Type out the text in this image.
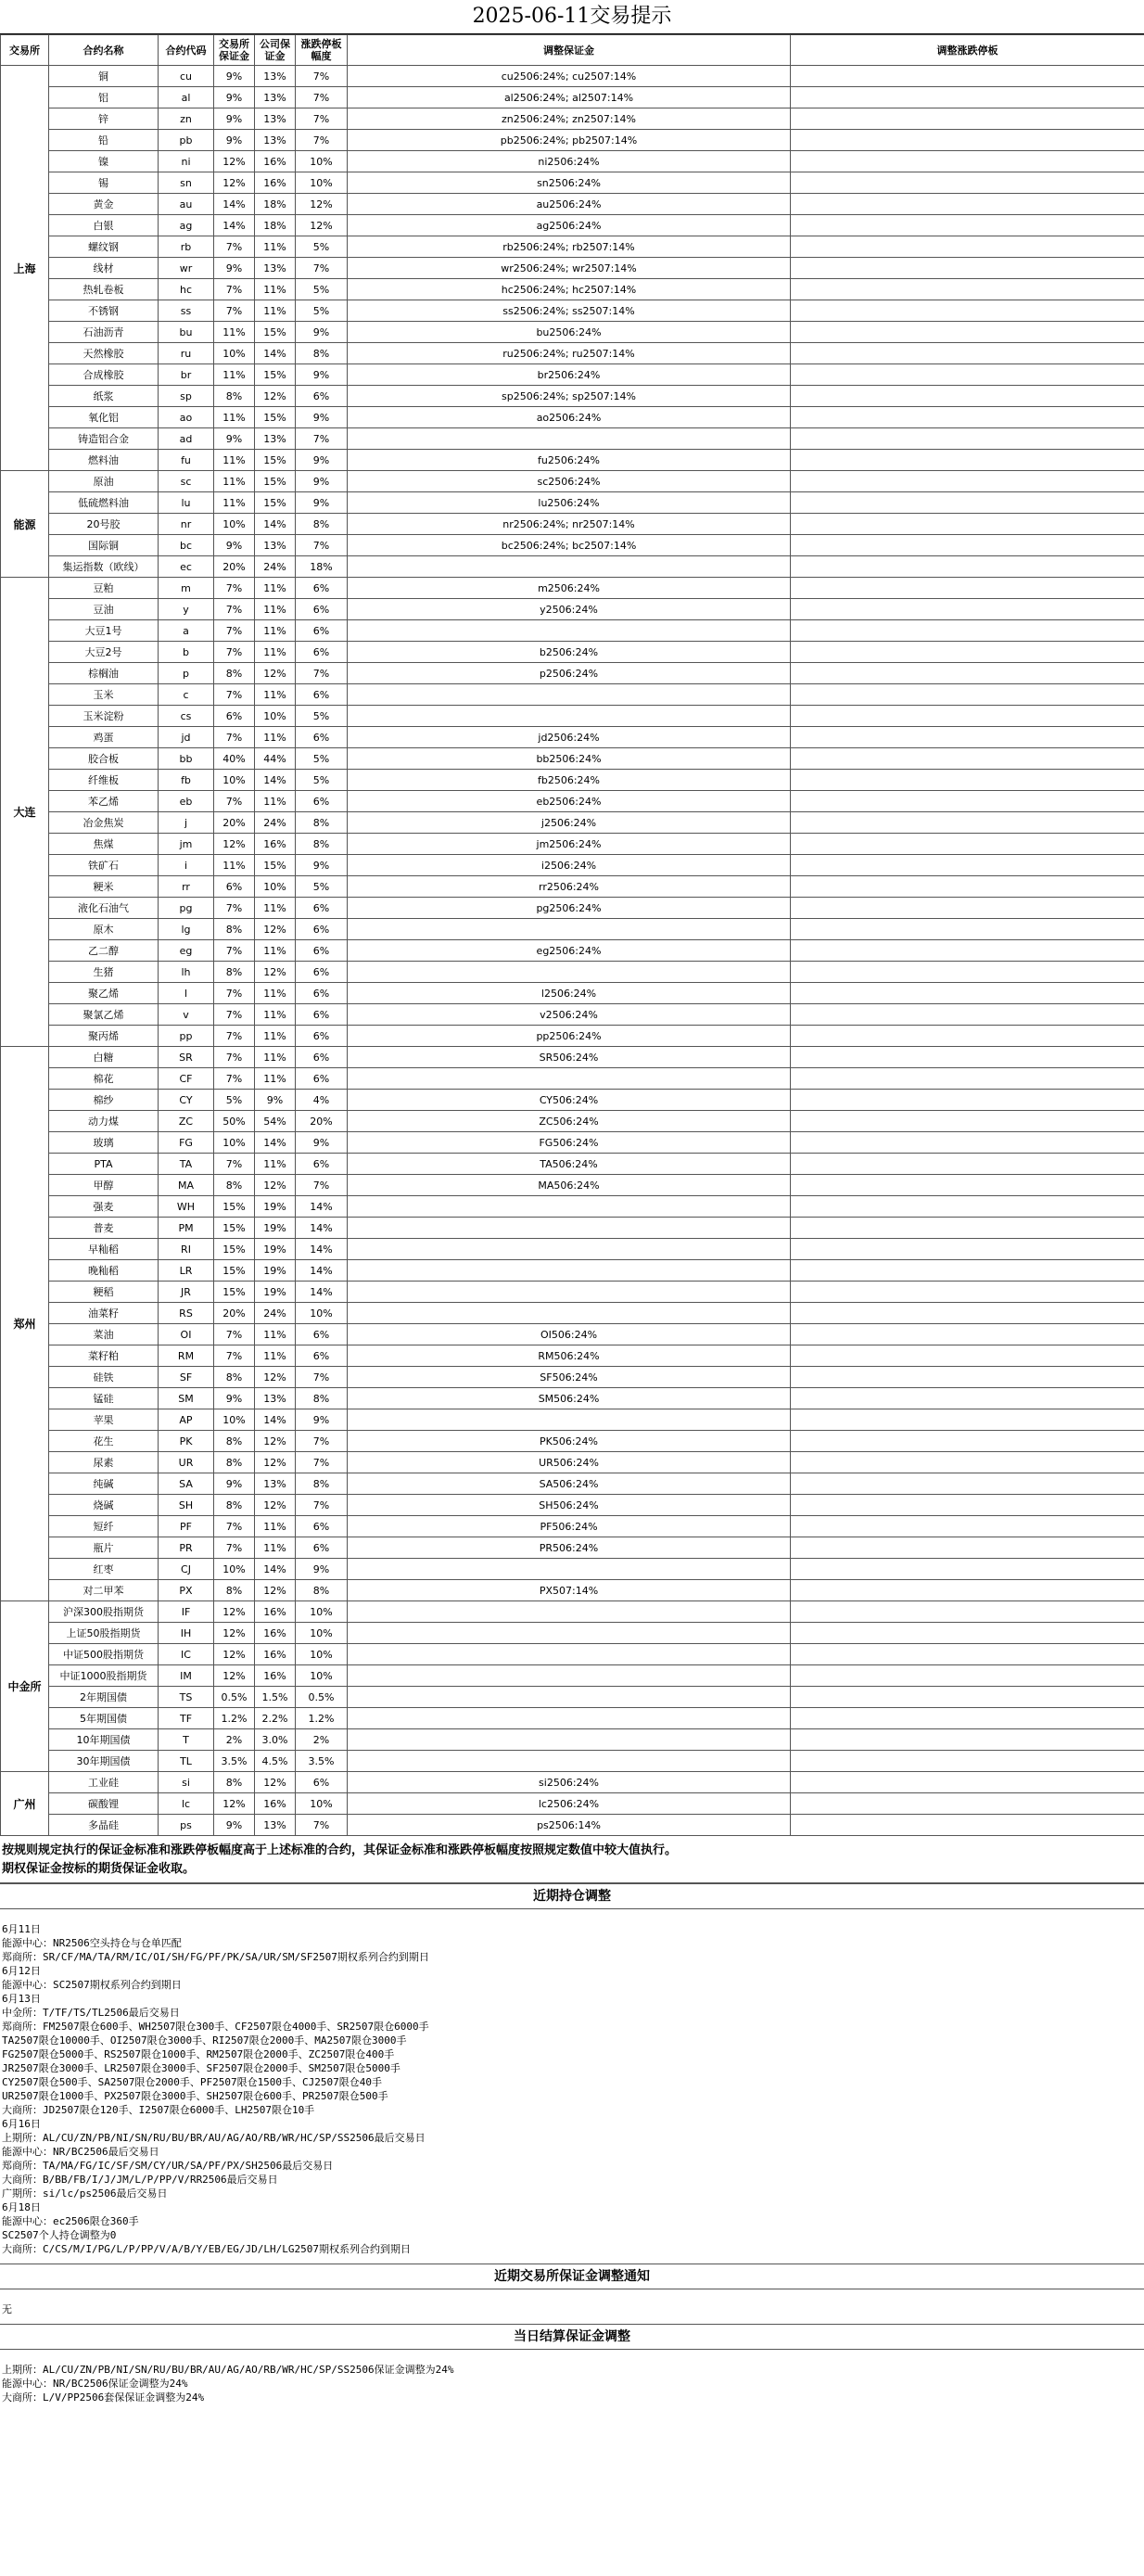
2025-06-11交易提示
交易所	合约名称	合约代码	交易所保证金	公司保证金	涨跌停板幅度	调整保证金	调整涨跌停板
上海	铜	cu	9%	13%	7%	cu2506:24%; cu2507:14%	
	铝	al	9%	13%	7%	al2506:24%; al2507:14%	
	锌	zn	9%	13%	7%	zn2506:24%; zn2507:14%	
	铅	pb	9%	13%	7%	pb2506:24%; pb2507:14%	
	镍	ni	12%	16%	10%	ni2506:24%	
	锡	sn	12%	16%	10%	sn2506:24%	
	黄金	au	14%	18%	12%	au2506:24%	
	白银	ag	14%	18%	12%	ag2506:24%	
	螺纹钢	rb	7%	11%	5%	rb2506:24%; rb2507:14%	
	线材	wr	9%	13%	7%	wr2506:24%; wr2507:14%	
	热轧卷板	hc	7%	11%	5%	hc2506:24%; hc2507:14%	
	不锈钢	ss	7%	11%	5%	ss2506:24%; ss2507:14%	
	石油沥青	bu	11%	15%	9%	bu2506:24%	
	天然橡胶	ru	10%	14%	8%	ru2506:24%; ru2507:14%	
	合成橡胶	br	11%	15%	9%	br2506:24%	
	纸浆	sp	8%	12%	6%	sp2506:24%; sp2507:14%	
	氧化铝	ao	11%	15%	9%	ao2506:24%	
	铸造铝合金	ad	9%	13%	7%		
	燃料油	fu	11%	15%	9%	fu2506:24%	
能源	原油	sc	11%	15%	9%	sc2506:24%	
	低硫燃料油	lu	11%	15%	9%	lu2506:24%	
	20号胶	nr	10%	14%	8%	nr2506:24%; nr2507:14%	
	国际铜	bc	9%	13%	7%	bc2506:24%; bc2507:14%	
	集运指数（欧线）	ec	20%	24%	18%		
大连	豆粕	m	7%	11%	6%	m2506:24%	
	豆油	y	7%	11%	6%	y2506:24%	
	大豆1号	a	7%	11%	6%		
	大豆2号	b	7%	11%	6%	b2506:24%	
	棕榈油	p	8%	12%	7%	p2506:24%	
	玉米	c	7%	11%	6%		
	玉米淀粉	cs	6%	10%	5%		
	鸡蛋	jd	7%	11%	6%	jd2506:24%	
	胶合板	bb	40%	44%	5%	bb2506:24%	
	纤维板	fb	10%	14%	5%	fb2506:24%	
	苯乙烯	eb	7%	11%	6%	eb2506:24%	
	冶金焦炭	j	20%	24%	8%	j2506:24%	
	焦煤	jm	12%	16%	8%	jm2506:24%	
	铁矿石	i	11%	15%	9%	i2506:24%	
	粳米	rr	6%	10%	5%	rr2506:24%	
	液化石油气	pg	7%	11%	6%	pg2506:24%	
	原木	lg	8%	12%	6%		
	乙二醇	eg	7%	11%	6%	eg2506:24%	
	生猪	lh	8%	12%	6%		
	聚乙烯	l	7%	11%	6%	l2506:24%	
	聚氯乙烯	v	7%	11%	6%	v2506:24%	
	聚丙烯	pp	7%	11%	6%	pp2506:24%	
郑州	白糖	SR	7%	11%	6%	SR506:24%	
	棉花	CF	7%	11%	6%		
	棉纱	CY	5%	9%	4%	CY506:24%	
	动力煤	ZC	50%	54%	20%	ZC506:24%	
	玻璃	FG	10%	14%	9%	FG506:24%	
	PTA	TA	7%	11%	6%	TA506:24%	
	甲醇	MA	8%	12%	7%	MA506:24%	
	强麦	WH	15%	19%	14%		
	普麦	PM	15%	19%	14%		
	早籼稻	RI	15%	19%	14%		
	晚籼稻	LR	15%	19%	14%		
	粳稻	JR	15%	19%	14%		
	油菜籽	RS	20%	24%	10%		
	菜油	OI	7%	11%	6%	OI506:24%	
	菜籽粕	RM	7%	11%	6%	RM506:24%	
	硅铁	SF	8%	12%	7%	SF506:24%	
	锰硅	SM	9%	13%	8%	SM506:24%	
	苹果	AP	10%	14%	9%		
	花生	PK	8%	12%	7%	PK506:24%	
	尿素	UR	8%	12%	7%	UR506:24%	
	纯碱	SA	9%	13%	8%	SA506:24%	
	烧碱	SH	8%	12%	7%	SH506:24%	
	短纤	PF	7%	11%	6%	PF506:24%	
	瓶片	PR	7%	11%	6%	PR506:24%	
	红枣	CJ	10%	14%	9%		
	对二甲苯	PX	8%	12%	8%	PX507:14%	
中金所	沪深300股指期货	IF	12%	16%	10%		
	上证50股指期货	IH	12%	16%	10%		
	中证500股指期货	IC	12%	16%	10%		
	中证1000股指期货	IM	12%	16%	10%		
	2年期国债	TS	0.5%	1.5%	0.5%		
	5年期国债	TF	1.2%	2.2%	1.2%		
	10年期国债	T	2%	3.0%	2%		
	30年期国债	TL	3.5%	4.5%	3.5%		
广州	工业硅	si	8%	12%	6%	si2506:24%	
	碳酸锂	lc	12%	16%	10%	lc2506:24%	
	多晶硅	ps	9%	13%	7%	ps2506:14%	
按规则规定执行的保证金标准和涨跌停板幅度高于上述标准的合约，其保证金标准和涨跌停板幅度按照规定数值中较大值执行。
期权保证金按标的期货保证金收取。
近期持仓调整
6月11日
能源中心：NR2506空头持仓与仓单匹配
郑商所：SR/CF/MA/TA/RM/IC/OI/SH/FG/PF/PK/SA/UR/SM/SF2507期权系列合约到期日
6月12日
能源中心：SC2507期权系列合约到期日
6月13日
中金所：T/TF/TS/TL2506最后交易日
郑商所：FM2507限仓600手、WH2507限仓300手、CF2507限仓4000手、SR2507限仓6000手
TA2507限仓10000手、OI2507限仓3000手、RI2507限仓2000手、MA2507限仓3000手
FG2507限仓5000手、RS2507限仓1000手、RM2507限仓2000手、ZC2507限仓400手
JR2507限仓3000手、LR2507限仓3000手、SF2507限仓2000手、SM2507限仓5000手
CY2507限仓500手、SA2507限仓2000手、PF2507限仓1500手、CJ2507限仓40手
UR2507限仓1000手、PX2507限仓3000手、SH2507限仓600手、PR2507限仓500手
大商所：JD2507限仓120手、I2507限仓6000手、LH2507限仓10手
6月16日
上期所：AL/CU/ZN/PB/NI/SN/RU/BU/BR/AU/AG/AO/RB/WR/HC/SP/SS2506最后交易日
能源中心：NR/BC2506最后交易日
郑商所：TA/MA/FG/IC/SF/SM/CY/UR/SA/PF/PX/SH2506最后交易日
大商所：B/BB/FB/I/J/JM/L/P/PP/V/RR2506最后交易日
广期所：si/lc/ps2506最后交易日
6月18日
能源中心：ec2506限仓360手
SC2507个人持仓调整为0
大商所：C/CS/M/I/PG/L/P/PP/V/A/B/Y/EB/EG/JD/LH/LG2507期权系列合约到期日
近期交易所保证金调整通知
无
当日结算保证金调整
上期所：AL/CU/ZN/PB/NI/SN/RU/BU/BR/AU/AG/AO/RB/WR/HC/SP/SS2506保证金调整为24%
能源中心：NR/BC2506保证金调整为24%
大商所：L/V/PP2506套保保证金调整为24%
